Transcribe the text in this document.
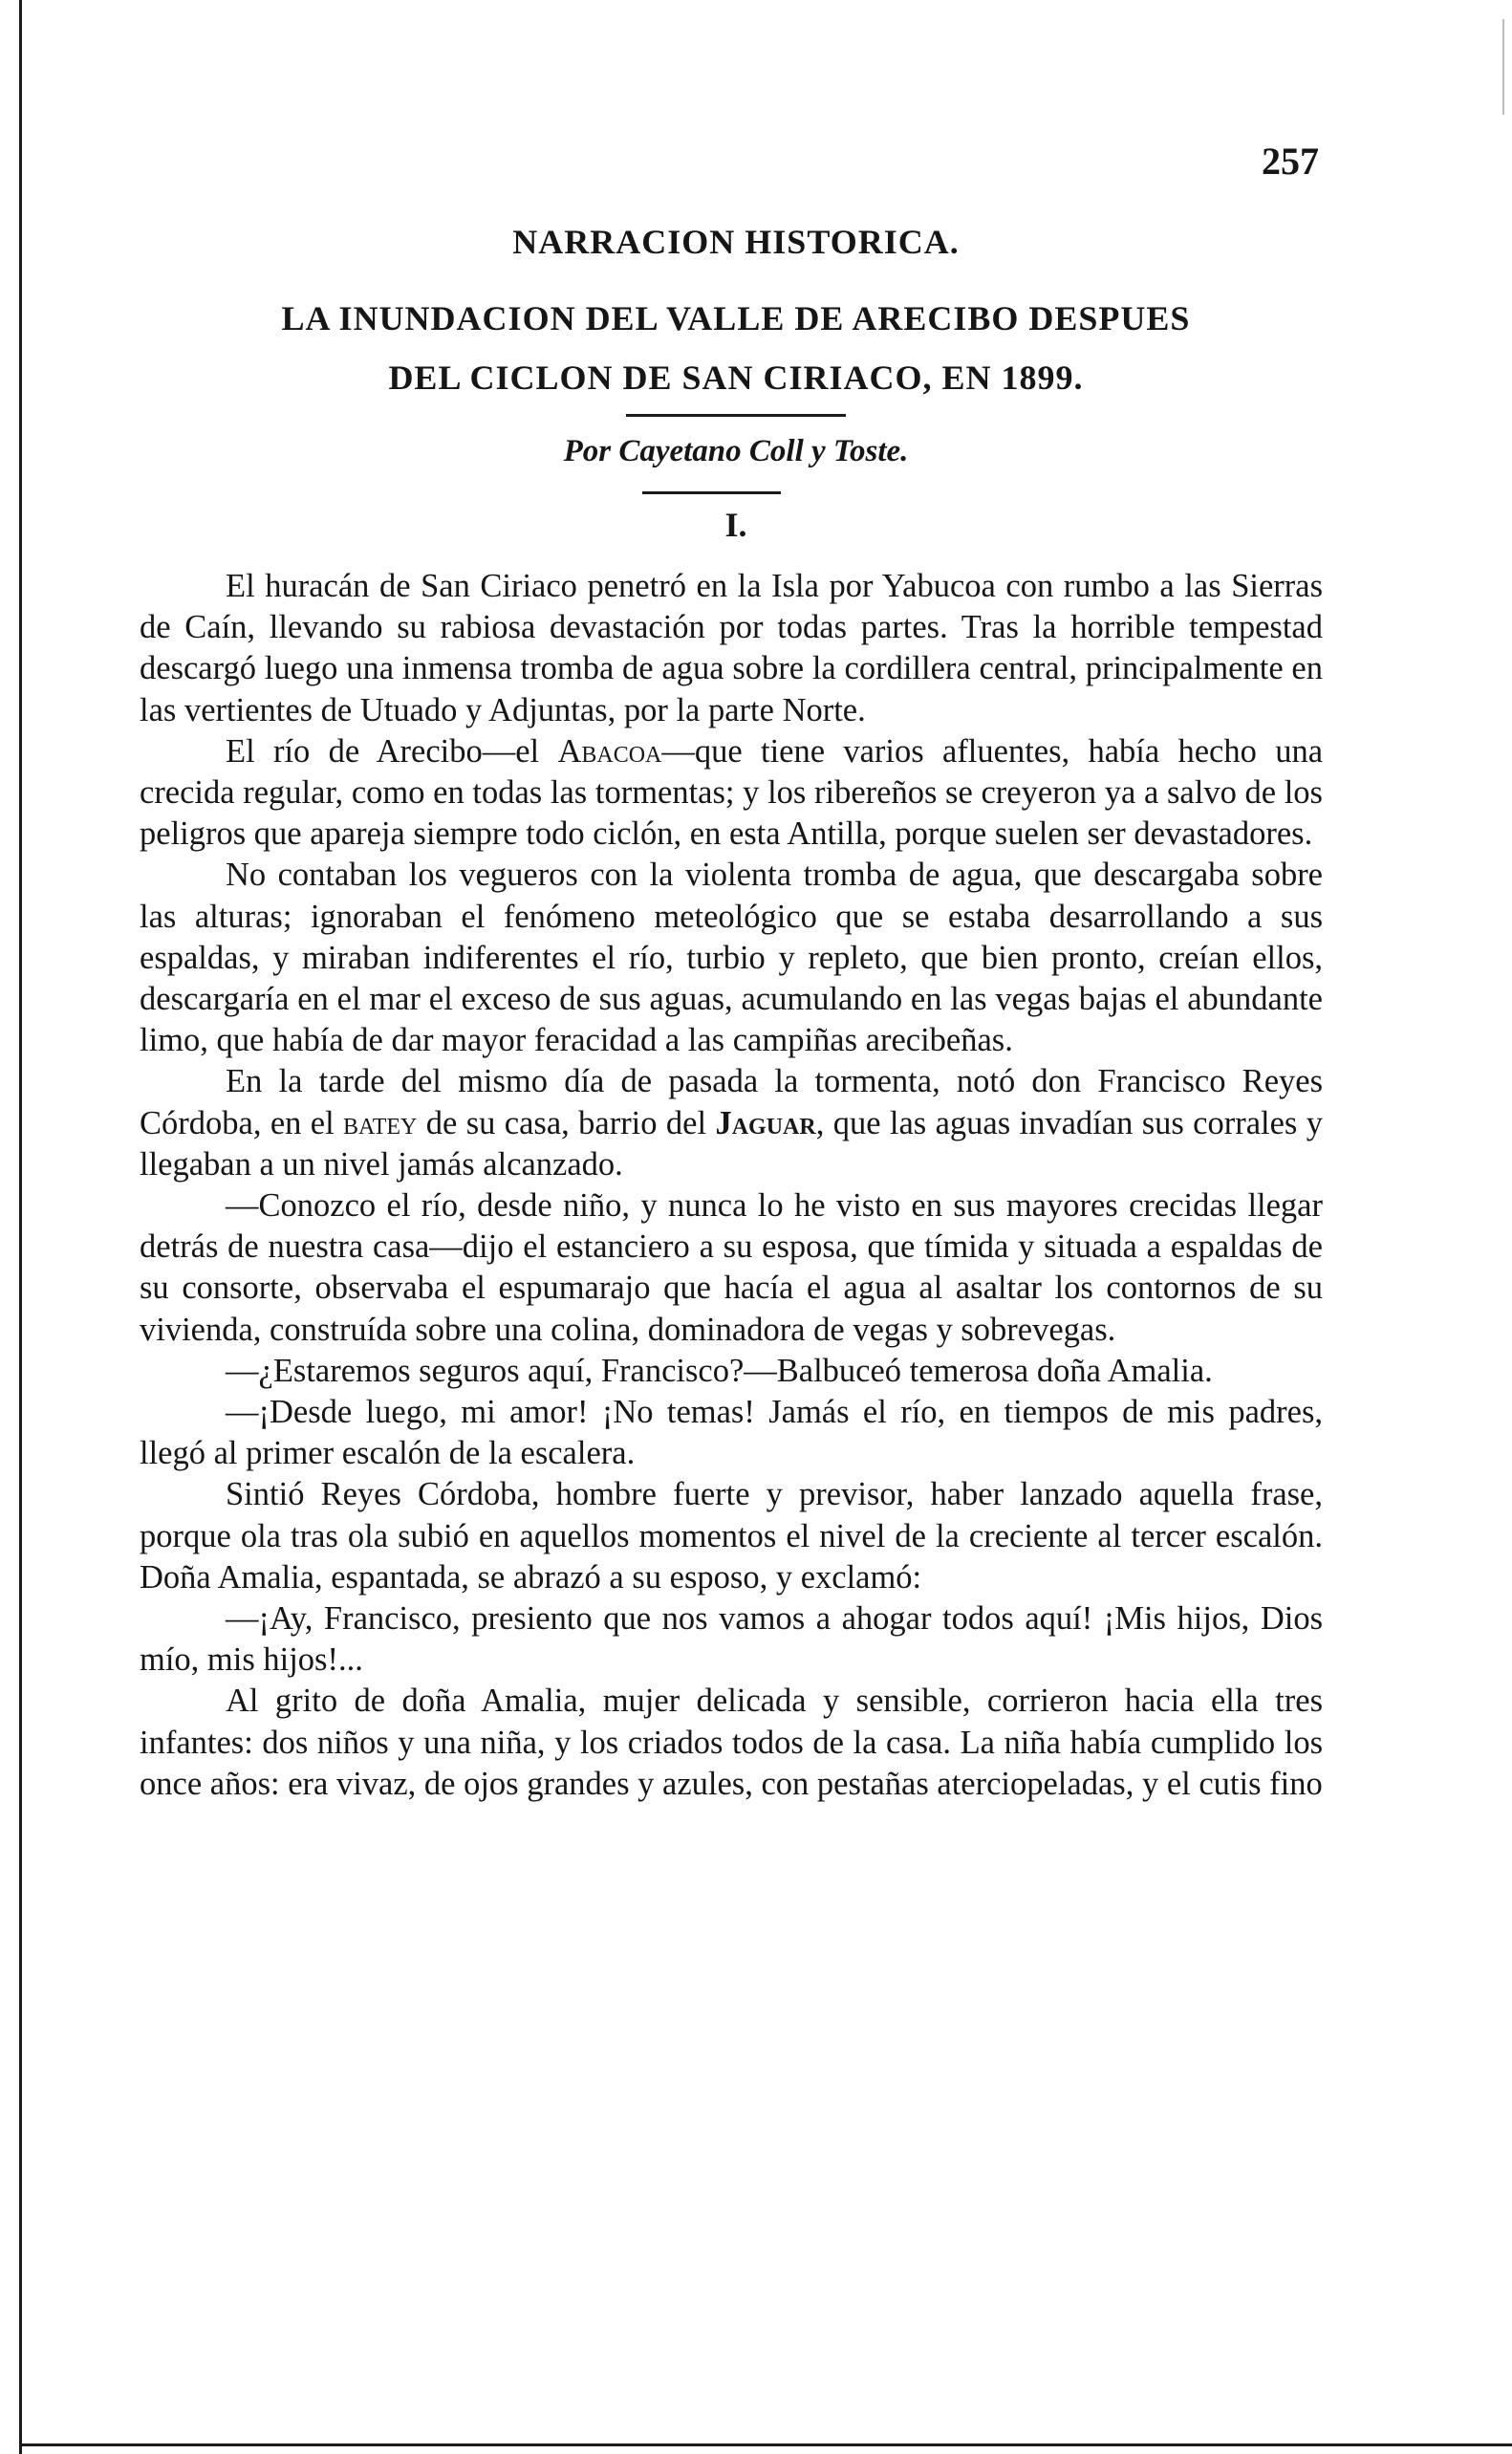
257
NARRACION HISTORICA.
LA INUNDACION DEL VALLE DE ARECIBO DESPUES
DEL CICLON DE SAN CIRIACO, EN 1899.
Por Cayetano Coll y Toste.
I.

El huracán de San Ciriaco penetró en la Isla por Yabucoa con rumbo a las Sierras de Caín, llevando su rabiosa devastación por todas partes. Tras la horrible tempestad descargó luego una inmensa tromba de agua sobre la cordillera central, principalmente en las vertientes de Utuado y Adjuntas, por la parte Norte.

El río de Arecibo—el Abacoa—que tiene varios afluentes, había hecho una crecida regular, como en todas las tormentas; y los ribereños se creyeron ya a salvo de los peligros que apareja siempre todo ciclón, en esta Antilla, porque suelen ser devastadores.

No contaban los vegueros con la violenta tromba de agua, que descargaba sobre las alturas; ignoraban el fenómeno meteológico que se estaba desarrollando a sus espaldas, y miraban indiferentes el río, turbio y repleto, que bien pronto, creían ellos, descargaría en el mar el exceso de sus aguas, acumulando en las vegas bajas el abundante limo, que había de dar mayor feracidad a las campiñas arecibeñas.

En la tarde del mismo día de pasada la tormenta, notó don Francisco Reyes Córdoba, en el batey de su casa, barrio del Jaguar, que las aguas invadían sus corrales y llegaban a un nivel jamás alcanzado.

—Conozco el río, desde niño, y nunca lo he visto en sus mayores crecidas llegar detrás de nuestra casa—dijo el estanciero a su esposa, que tímida y situada a espaldas de su consorte, observaba el espumarajo que hacía el agua al asaltar los contornos de su vivienda, construída sobre una colina, dominadora de vegas y sobrevegas.

—¿Estaremos seguros aquí, Francisco?—Balbuceó temerosa doña Amalia.

—¡Desde luego, mi amor! ¡No temas! Jamás el río, en tiempos de mis padres, llegó al primer escalón de la escalera.

Sintió Reyes Córdoba, hombre fuerte y previsor, haber lanzado aquella frase, porque ola tras ola subió en aquellos momentos el nivel de la creciente al tercer escalón. Doña Amalia, espantada, se abrazó a su esposo, y exclamó:

—¡Ay, Francisco, presiento que nos vamos a ahogar todos aquí! ¡Mis hijos, Dios mío, mis hijos!...

Al grito de doña Amalia, mujer delicada y sensible, corrieron hacia ella tres infantes: dos niños y una niña, y los criados todos de la casa. La niña había cumplido los once años: era vivaz, de ojos grandes y azules, con pestañas aterciopeladas, y el cutis fino
